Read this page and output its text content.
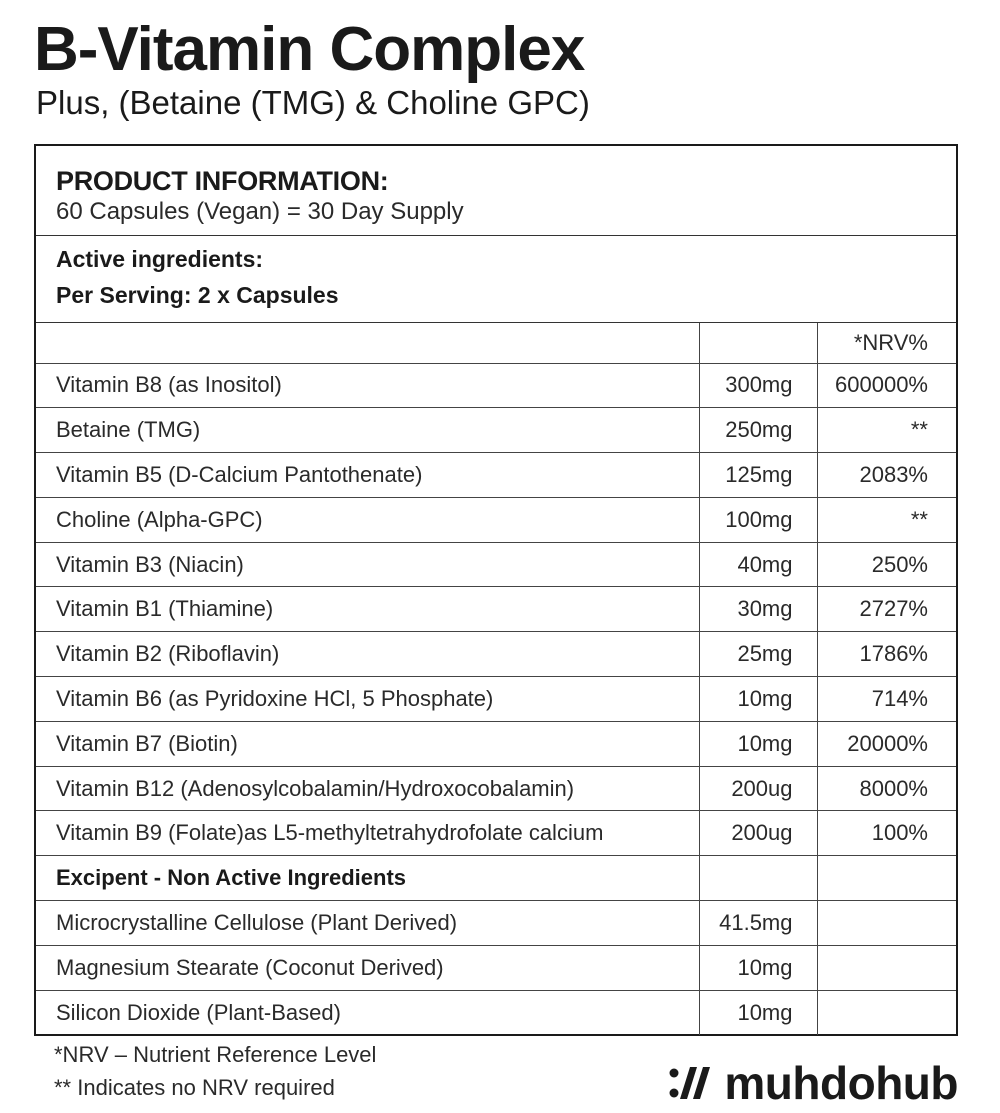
B-Vitamin Complex
Plus, (Betaine (TMG) & Choline GPC)
PRODUCT INFORMATION:
60 Capsules (Vegan) = 30 Day Supply
Active ingredients:
Per Serving: 2 x Capsules
		*NRV%
Vitamin B8 (as Inositol)	300mg	600000%
Betaine (TMG)	250mg	**
Vitamin B5 (D-Calcium Pantothenate)	125mg	2083%
Choline (Alpha-GPC)	100mg	**
Vitamin B3 (Niacin)	40mg	250%
Vitamin B1 (Thiamine)	30mg	2727%
Vitamin B2 (Riboflavin)	25mg	1786%
Vitamin B6 (as Pyridoxine HCl, 5 Phosphate)	10mg	714%
Vitamin B7 (Biotin)	10mg	20000%
Vitamin B12 (Adenosylcobalamin/Hydroxocobalamin)	200ug	8000%
Vitamin B9 (Folate)as L5-methyltetrahydrofolate calcium	200ug	100%
Excipent - Non Active Ingredients		
Microcrystalline Cellulose (Plant Derived)	41.5mg	
Magnesium Stearate (Coconut Derived)	10mg	
Silicon Dioxide (Plant-Based)	10mg	
*NRV – Nutrient Reference Level
** Indicates no NRV required	muhdohub
